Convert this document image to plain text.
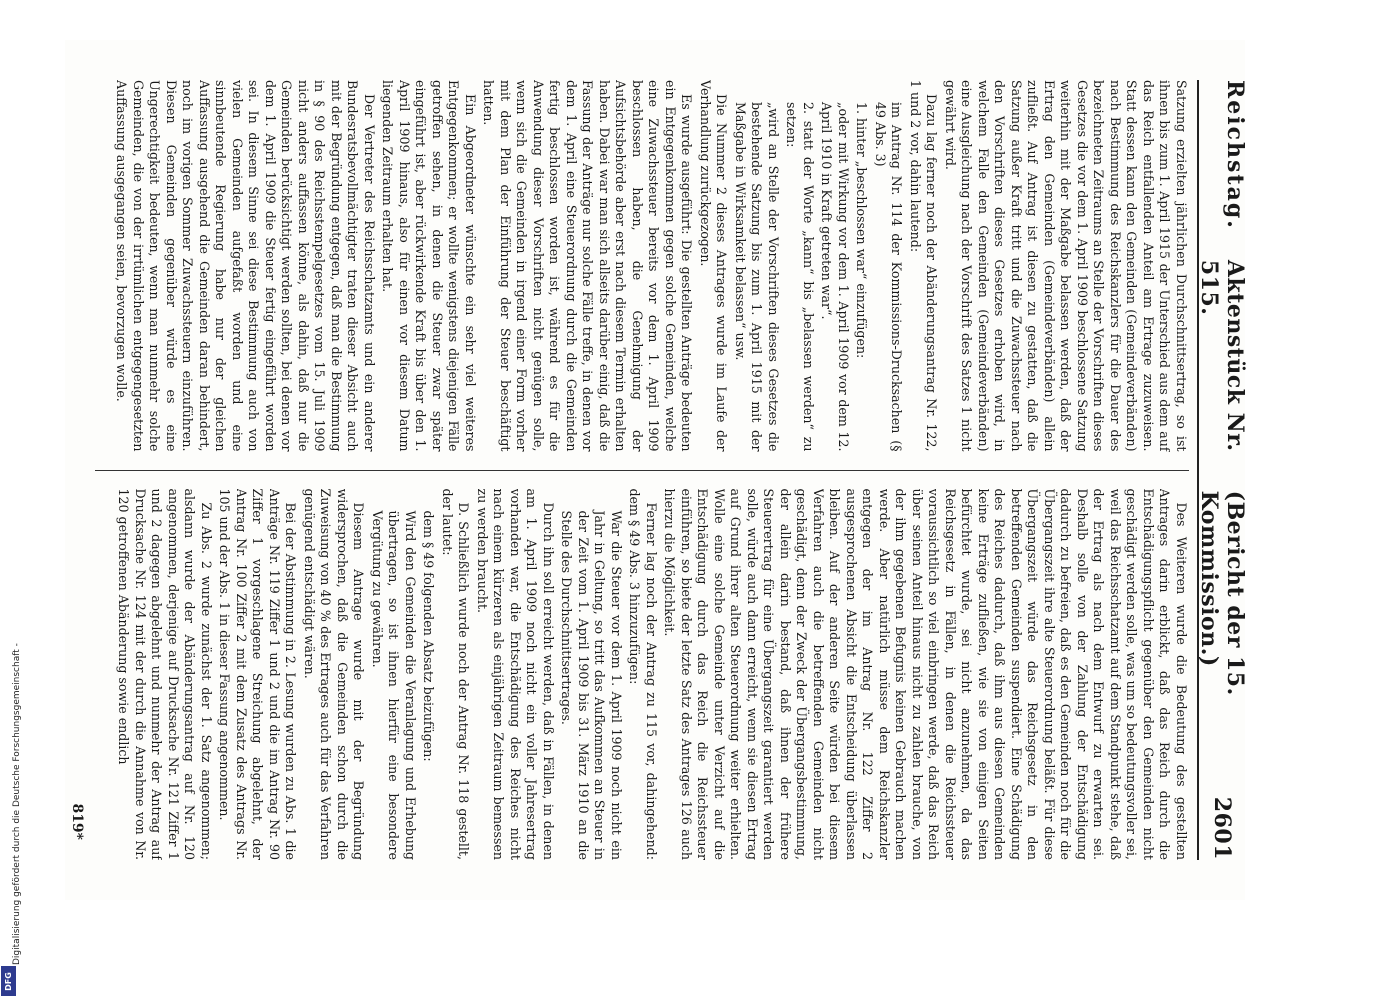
Reichstag.
Aktenstück Nr. 515.
(Bericht der 15. Kommission.)
2601

Satzung erzielten jährlichen Durchschnittsertrag, so ist ihnen bis zum 1. April 1915 der Unterschied aus dem auf das Reich entfallenden Anteil am Ertrage zuzuweisen. Statt dessen kann den Gemeinden (Gemeindeverbänden) nach Bestimmung des Reichskanzlers für die Dauer des bezeichneten Zeitraums an Stelle der Vorschriften dieses Gesetzes die vor dem 1. April 1909 beschlossene Satzung weiterhin mit der Maßgabe belassen werden, daß der Ertrag den Gemeinden (Gemeindeverbänden) allein zufließt. Auf Antrag ist diesen zu gestatten, daß die Satzung außer Kraft tritt und die Zuwachssteuer nach den Vorschriften dieses Gesetzes erhoben wird, in welchem Falle den Gemeinden (Gemeindeverbänden) eine Ausgleichung nach der Vorschrift des Satzes 1 nicht gewährt wird.

Dazu lag ferner noch der Abänderungsantrag Nr. 122, 1 und 2 vor, dahin lautend:

im Antrag Nr. 114 der Kommissions-Drucksachen (§ 49 Abs. 3)

1. hinter „beschlossen war“ einzufügen:

„oder mit Wirkung vor dem 1. April 1909 vor dem 12. April 1910 in Kraft getreten war“.

2. statt der Worte „kann“ bis „belassen werden“ zu setzen:

„wird an Stelle der Vorschriften dieses Gesetzes die bestehende Satzung bis zum 1. April 1915 mit der Maßgabe in Wirksamkeit belassen“ usw.

Die Nummer 2 dieses Antrages wurde im Laufe der Verhandlung zurückgezogen.

Es wurde ausgeführt: Die gestellten Anträge bedeuten ein Entgegenkommen gegen solche Gemeinden, welche eine Zuwachssteuer bereits vor dem 1. April 1909 beschlossen haben, die Genehmigung der Aufsichtsbehörde aber erst nach diesem Termin erhalten haben. Dabei war man sich allseits darüber einig, daß die Fassung der Anträge nur solche Fälle treffe, in denen vor dem 1. April eine Steuerordnung durch die Gemeinden fertig beschlossen worden ist, während es für die Anwendung dieser Vorschriften nicht genügen solle, wenn sich die Gemeinden in irgend einer Form vorher mit dem Plan der Einführung der Steuer beschäftigt hatten.

Ein Abgeordneter wünschte ein sehr viel weiteres Entgegenkommen; er wollte wenigstens diejenigen Fälle getroffen sehen, in denen die Steuer zwar später eingeführt ist, aber rückwirkende Kraft bis über den 1. April 1909 hinaus, also für einen vor diesem Datum liegenden Zeitraum erhalten hat.

Der Vertreter des Reichsschatzamts und ein anderer Bundesratsbevollmächtigter traten dieser Absicht auch mit der Begründung entgegen, daß man die Bestimmung in § 90 des Reichsstempelgesetzes vom 15. Juli 1909 nicht anders auffassen könne, als dahin, daß nur die Gemeinden berücksichtigt werden sollten, bei denen vor dem 1. April 1909 die Steuer fertig eingeführt worden sei. In diesem Sinne sei diese Bestimmung auch von vielen Gemeinden aufgefaßt worden und eine sinnbeutende Regierung habe nur der gleichen Auffassung ausgehend die Gemeinden daran behindert, noch im vorigen Sommer Zuwachssteuern einzuführen. Diesen Gemeinden gegenüber würde es eine Ungerechtigkeit bedeuten, wenn man nunmehr solche Gemeinden, die von der irrtümlichen entgegengesetzten Auffassung ausgegangen seien, bevorzugen wolle.

Des Weiteren wurde die Bedeutung des gestellten Antrages darin erblickt, daß das Reich durch die Entschädigungspflicht gegenüber den Gemeinden nicht geschädigt werden solle, was um so bedeutungsvoller sei, weil das Reichsschatzamt auf dem Standpunkt stehe, daß der Ertrag als nach dem Entwurf zu erwarten sei. Deshalb solle von der Zahlung der Entschädigung dadurch zu befreien, daß es den Gemeinden noch für die Übergangszeit ihre alte Steuerordnung beläßt. Für diese Übergangszeit würde das Reichsgesetz in den betreffenden Gemeinden suspendiert. Eine Schädigung des Reiches dadurch, daß ihm aus diesen Gemeinden keine Erträge zufließen, wie sie von einigen Seiten befürchtet wurde, sei nicht anzunehmen, da das Reichsgesetz in Fällen, in denen die Reichssteuer voraussichtlich so viel einbringen werde, daß das Reich über seinen Anteil hinaus nicht zu zahlen brauche, von der ihm gegebenen Befugnis keinen Gebrauch machen werde. Aber natürlich müsse dem Reichskanzler entgegen der im Antrag Nr. 122 Ziffer 2 ausgesprochenen Absicht die Entscheidung überlassen bleiben. Auf der anderen Seite würden bei diesem Verfahren auch die betreffenden Gemeinden nicht geschädigt, denn der Zweck der Übergangsbestimmung, der allein darin bestand, daß ihnen der frühere Steuerertrag für eine Übergangszeit garantiert werden solle, würde auch dann erreicht, wenn sie diesen Ertrag auf Grund ihrer alten Steuerordnung weiter erhielten. Wolle eine solche Gemeinde unter Verzicht auf die Entschädigung durch das Reich die Reichssteuer einführen, so biete der letzte Satz des Antrages 126 auch hierzu die Möglichkeit.

Ferner lag noch der Antrag zu 115 vor, dahingehend: dem § 49 Abs. 3 hinzuzufügen:

War die Steuer vor dem 1. April 1909 noch nicht ein Jahr in Geltung, so tritt das Aufkommen an Steuer in der Zeit vom 1. April 1909 bis 31. März 1910 an die Stelle des Durchschnittsertrages.

Durch ihn soll erreicht werden, daß in Fällen, in denen am 1. April 1909 noch nicht ein voller Jahresertrag vorhanden war, die Entschädigung des Reiches nicht nach einem kürzeren als einjährigen Zeitraum bemessen zu werden braucht.

D. Schließlich wurde noch der Antrag Nr. 118 gestellt, der lautet:

dem § 49 folgenden Absatz beizufügen:

Wird den Gemeinden die Veranlagung und Erhebung übertragen, so ist ihnen hierfür eine besondere Vergütung zu gewähren.

Diesem Antrage wurde mit der Begründung widersprochen, daß die Gemeinden schon durch die Zuweisung von 40 % des Ertrages auch für das Verfahren genügend entschädigt wären.

Bei der Abstimmung in 2. Lesung wurden zu Abs. 1 die Anträge Nr. 119 Ziffer 1 und 2 und die im Antrag Nr. 90 Ziffer 1 vorgeschlagene Streichung abgelehnt, der Antrag Nr. 100 Ziffer 2 mit dem Zusatz des Antrags Nr. 105 und der Abs. 1 in dieser Fassung angenommen.

Zu Abs. 2 wurde zunächst der 1. Satz angenommen; alsdann wurde der Abänderungsantrag auf Nr. 120 angenommen, derjenige auf Drucksache Nr. 121 Ziffer 1 und 2 dagegen abgelehnt und nunmehr der Antrag auf Drucksache Nr. 124 mit der durch die Annahme von Nr. 120 getroffenen Abänderung sowie endlich

819*
Digitalisierung gefördert durch die Deutsche Forschungsgemeinschaft -
DFG
